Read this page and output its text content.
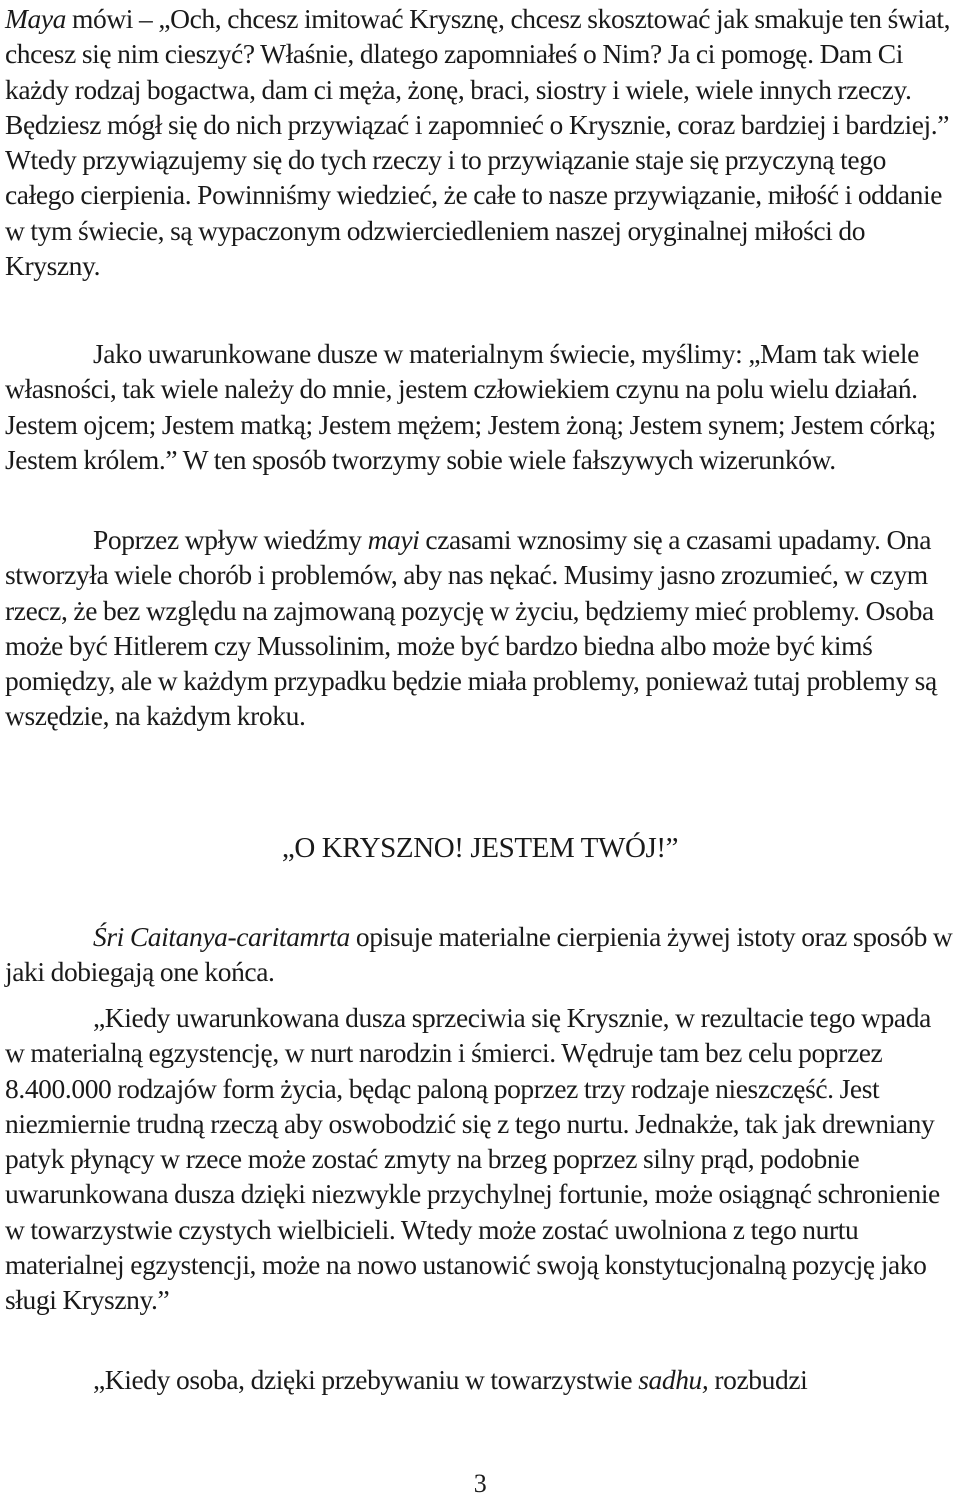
Maya mówi – „Och, chcesz imitować Krysznę, chcesz skosztować jak smakuje ten świat, chcesz się nim cieszyć? Właśnie, dlatego zapomniałeś o Nim? Ja ci pomogę. Dam Ci każdy rodzaj bogactwa, dam ci męża, żonę, braci, siostry i wiele, wiele innych rzeczy. Będziesz mógł się do nich przywiązać i zapomnieć o Krysznie, coraz bardziej i bardziej.” Wtedy przywiązujemy się do tych rzeczy i to przywiązanie staje się przyczyną tego całego cierpienia. Powinniśmy wiedzieć, że całe to nasze przywiązanie, miłość i oddanie w tym świecie, są wypaczonym odzwierciedleniem naszej oryginalnej miłości do Kryszny.

Jako uwarunkowane dusze w materialnym świecie, myślimy: „Mam tak wiele własności, tak wiele należy do mnie, jestem człowiekiem czynu na polu wielu działań. Jestem ojcem; Jestem matką; Jestem mężem; Jestem żoną; Jestem synem; Jestem córką; Jestem królem.” W ten sposób tworzymy sobie wiele fałszywych wizerunków.

Poprzez wpływ wiedźmy mayi czasami wznosimy się a czasami upadamy. Ona stworzyła wiele chorób i problemów, aby nas nękać. Musimy jasno zrozumieć, w czym rzecz, że bez względu na zajmowaną pozycję w życiu, będziemy mieć problemy. Osoba może być Hitlerem czy Mussolinim, może być bardzo biedna albo może być kimś pomiędzy, ale w każdym przypadku będzie miała problemy, ponieważ tutaj problemy są wszędzie, na każdym kroku.

„O KRYSZNO! JESTEM TWÓJ!”

Śri Caitanya-caritamrta opisuje materialne cierpienia żywej istoty oraz sposób w jaki dobiegają one końca.

„Kiedy uwarunkowana dusza sprzeciwia się Krysznie, w rezultacie tego wpada w materialną egzystencję, w nurt narodzin i śmierci. Wędruje tam bez celu poprzez 8.400.000 rodzajów form życia, będąc paloną poprzez trzy rodzaje nieszczęść. Jest niezmiernie trudną rzeczą aby oswobodzić się z tego nurtu. Jednakże, tak jak drewniany patyk płynący w rzece może zostać zmyty na brzeg poprzez silny prąd, podobnie uwarunkowana dusza dzięki niezwykle przychylnej fortunie, może osiągnąć schronienie w towarzystwie czystych wielbicieli. Wtedy może zostać uwolniona z tego nurtu materialnej egzystencji, może na nowo ustanowić swoją konstytucjonalną pozycję jako sługi Kryszny.”

„Kiedy osoba, dzięki przebywaniu w towarzystwie sadhu, rozbudzi

3
